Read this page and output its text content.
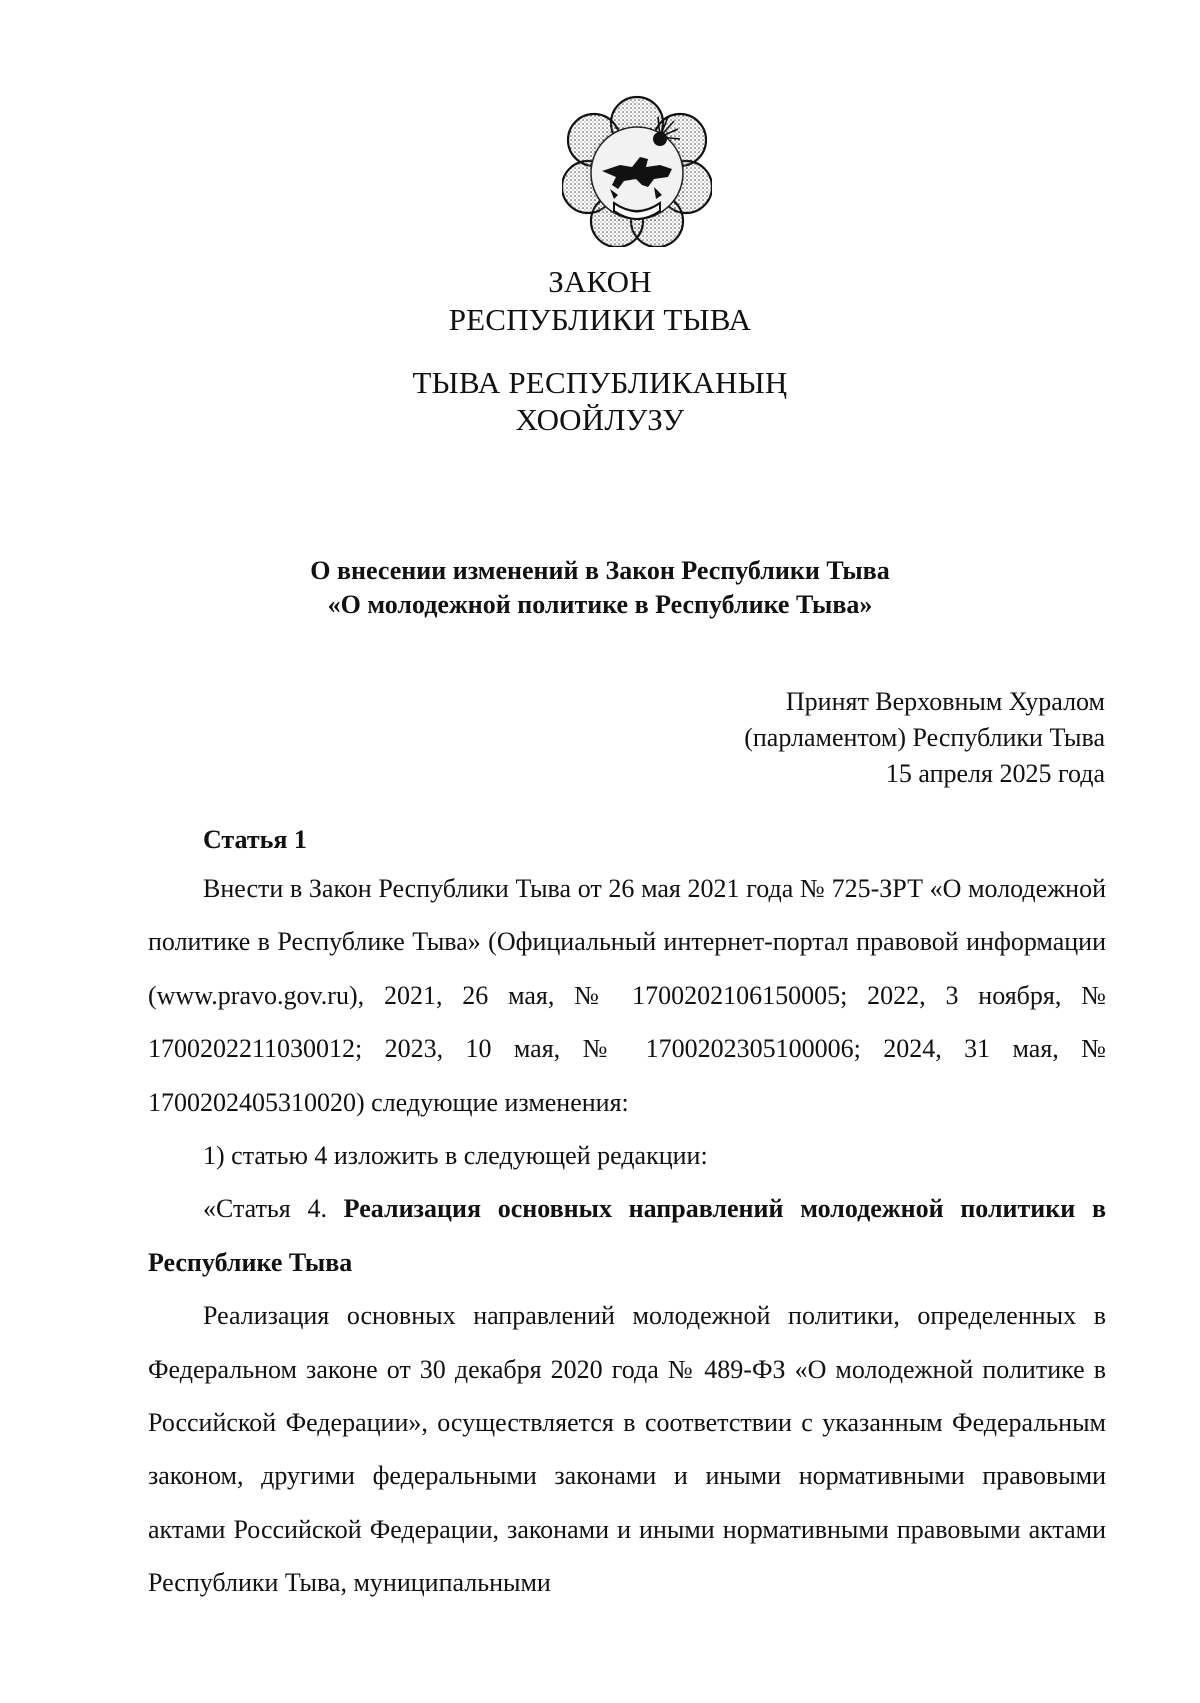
ЗАКОН
РЕСПУБЛИКИ ТЫВА
ТЫВА РЕСПУБЛИКАНЫҢ
ХООЙЛУЗУ
О внесении изменений в Закон Республики Тыва
«О молодежной политике в Республике Тыва»
Принят Верховным Хуралом
(парламентом) Республики Тыва
15 апреля 2025 года
Статья 1

Внести в Закон Республики Тыва от 26 мая 2021 года № 725-ЗРТ «О молодежной политике в Республике Тыва» (Официальный интернет-портал правовой информации (www.pravo.gov.ru), 2021, 26 мая, № 1700202106150005; 2022, 3 ноября, № 1700202211030012; 2023, 10 мая, № 1700202305100006; 2024, 31 мая, № 1700202405310020) следующие изменения:

1) статью 4 изложить в следующей редакции:

«Статья 4. Реализация основных направлений молодежной политики в Республике Тыва

Реализация основных направлений молодежной политики, определенных в Федеральном законе от 30 декабря 2020 года № 489-ФЗ «О молодежной политике в Российской Федерации», осуществляется в соответствии с указанным Федеральным законом, другими федеральными законами и иными нормативными правовыми актами Российской Федерации, законами и иными нормативными правовыми актами Республики Тыва, муниципальными
